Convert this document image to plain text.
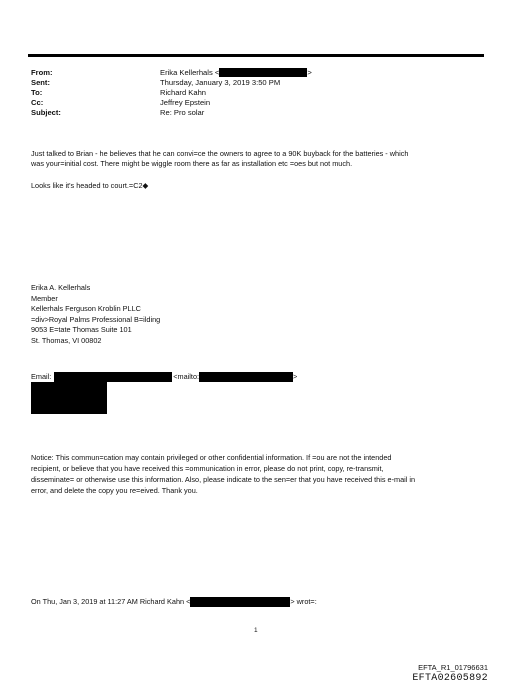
From:	Erika Kellerhals <	>
Sent:	Thursday, January 3, 2019 3:50 PM
To:	Richard Kahn
Cc:	Jeffrey Epstein
Subject:	Re: Pro solar
Just talked to Brian - he believes that he can convi=ce the owners to agree to a 90K buyback for the batteries - which
was your=initial cost. There might be wiggle room there as far as installation etc =oes but not much.
Looks like it's headed to court.=C2◆
Erika A. Kellerhals
Member
Kellerhals Ferguson Kroblin PLLC
=div>Royal Palms Professional B=ilding
9053 E=tate Thomas Suite 101
St. Thomas, VI 00802
Email:	<mailto:	>
Notice: This commun=cation may contain privileged or other confidential information. If =ou are not the intended
recipient, or believe that you have received this =ommunication in error, please do not print, copy, re-transmit,
disseminate= or otherwise use this information. Also, please indicate to the sen=er that you have received this e-mail in
error, and delete the copy you re=eived. Thank you.
On Thu, Jan 3, 2019 at 11:27 AM Richard Kahn <	> wrot=:
1
EFTA_R1_01796631
EFTA02605892
